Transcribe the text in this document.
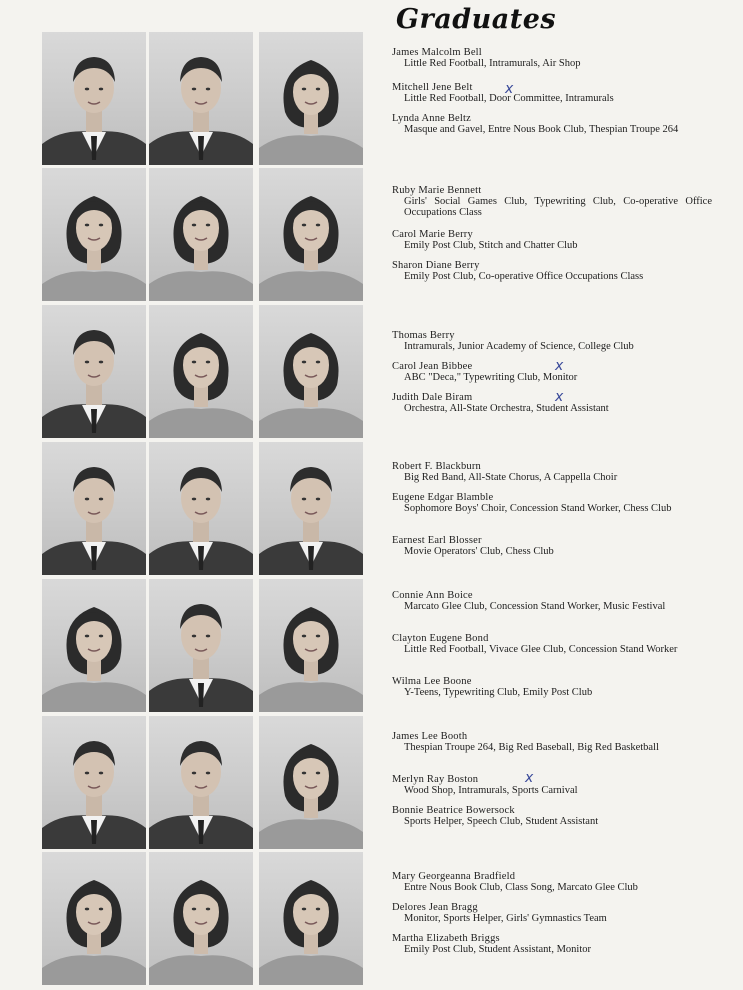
Graduates
James Malcolm Bell
Little Red Football, Intramurals, Air Shop
Mitchell Jene Belt
Little Red Football, Door Committee, Intramurals
Lynda Anne Beltz
Masque and Gavel, Entre Nous Book Club, Thespian Troupe 264
Ruby Marie Bennett
Girls' Social Games Club, Typewriting Club, Co-operative Office Occupations Class
Carol Marie Berry
Emily Post Club, Stitch and Chatter Club
Sharon Diane Berry
Emily Post Club, Co-operative Office Occupations Class
Thomas Berry
Intramurals, Junior Academy of Science, College Club
Carol Jean Bibbee
ABC "Deca," Typewriting Club, Monitor
Judith Dale Biram
Orchestra, All-State Orchestra, Student Assistant
Robert F. Blackburn
Big Red Band, All-State Chorus, A Cappella Choir
Eugene Edgar Blamble
Sophomore Boys' Choir, Concession Stand Worker, Chess Club
Earnest Earl Blosser
Movie Operators' Club, Chess Club
Connie Ann Boice
Marcato Glee Club, Concession Stand Worker, Music Festival
Clayton Eugene Bond
Little Red Football, Vivace Glee Club, Concession Stand Worker
Wilma Lee Boone
Y-Teens, Typewriting Club, Emily Post Club
James Lee Booth
Thespian Troupe 264, Big Red Baseball, Big Red Basketball
Merlyn Ray Boston
Wood Shop, Intramurals, Sports Carnival
Bonnie Beatrice Bowersock
Sports Helper, Speech Club, Student Assistant
Mary Georgeanna Bradfield
Entre Nous Book Club, Class Song, Marcato Glee Club
Delores Jean Bragg
Monitor, Sports Helper, Girls' Gymnastics Team
Martha Elizabeth Briggs
Emily Post Club, Student Assistant, Monitor
x
x
x
x
